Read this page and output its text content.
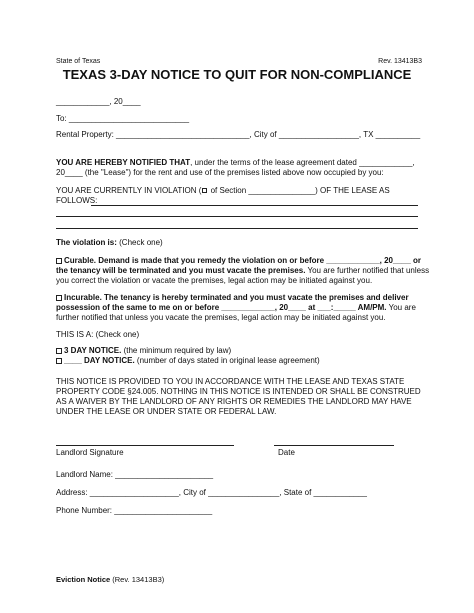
State of Texas	Rev. 13413B3
TEXAS 3-DAY NOTICE TO QUIT FOR NON-COMPLIANCE
____________, 20____
To: ___________________________
Rental Property: ______________________________, City of __________________, TX __________
YOU ARE HEREBY NOTIFIED THAT, under the terms of the lease agreement dated ____________,
20____ (the "Lease") for the rent and use of the premises listed above now occupied by you:
YOU ARE CURRENTLY IN VIOLATION ( of Section _______________) OF THE LEASE AS
FOLLOWS:
The violation is: (Check one)
Curable. Demand is made that you remedy the violation on or before ____________, 20____ or
the tenancy will be terminated and you must vacate the premises. You are further notified that unless
you correct the violation or vacate the premises, legal action may be initiated against you.
Incurable. The tenancy is hereby terminated and you must vacate the premises and deliver
possession of the same to me on or before ____________, 20____ at ___:_____ AM/PM. You are
further notified that unless you vacate the premises, legal action may be initiated against you.
THIS IS A: (Check one)
3 DAY NOTICE. (the minimum required by law)
____ DAY NOTICE. (number of days stated in original lease agreement)
THIS NOTICE IS PROVIDED TO YOU IN ACCORDANCE WITH THE LEASE AND TEXAS STATE
PROPERTY CODE §24.005. NOTHING IN THIS NOTICE IS INTENDED OR SHALL BE CONSTRUED
AS A WAIVER BY THE LANDLORD OF ANY RIGHTS OR REMEDIES THE LANDLORD MAY HAVE
UNDER THE LEASE OR UNDER STATE OR FEDERAL LAW.
Landlord Signature	Date
Landlord Name: ______________________
Address: ____________________, City of ________________, State of ____________
Phone Number: ______________________
Eviction Notice (Rev. 13413B3)
